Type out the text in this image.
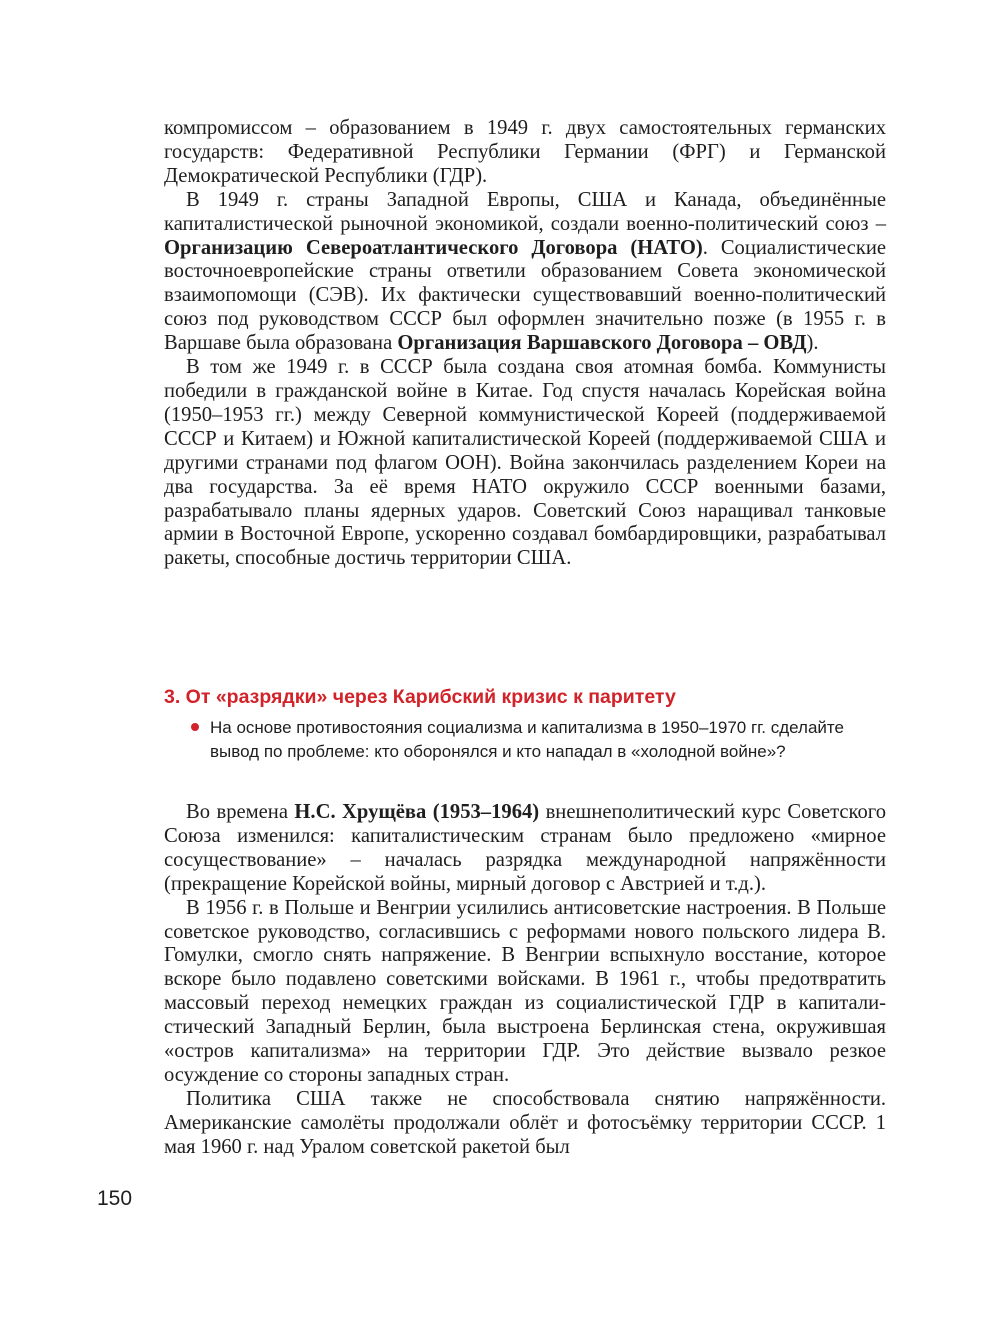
компромиссом – образованием в 1949 г. двух самостоятельных германских государств: Федеративной Республики Германии (ФРГ) и Германской Демократической Республики (ГДР).

В 1949 г. страны Западной Европы, США и Канада, объединённые капиталистической рыночной экономикой, создали военно-политический союз – Организацию Североатлантического Договора (НАТО). Социалистические восточноевропейские страны ответили образованием Совета экономической взаимопомощи (СЭВ). Их фактически существовавший военно-политический союз под руководством СССР был оформлен значительно позже (в 1955 г. в Варшаве была образована Организация Варшавского Договора – ОВД).

В том же 1949 г. в СССР была создана своя атомная бомба. Коммунисты победили в гражданской войне в Китае. Год спустя началась Корейская война (1950–1953 гг.) между Северной коммунистической Кореей (поддерживаемой СССР и Китаем) и Южной капиталистической Кореей (поддерживаемой США и другими странами под флагом ООН). Война закончилась разделением Кореи на два государства. За её время НАТО окружило СССР военными базами, разрабатывало планы ядерных ударов. Советский Союз наращивал танковые армии в Восточной Европе, ускоренно создавал бомбардировщики, разрабатывал ракеты, способные достичь территории США.

3. От «разрядки» через Карибский кризис к паритету
На основе противостояния социализма и капитализма в 1950–1970 гг. сделайте вывод по проблеме: кто оборонялся и кто нападал в «холодной войне»?

Во времена Н.С. Хрущёва (1953–1964) внешнеполитический курс Советского Союза изменился: капиталистическим странам было предложено «мирное сосуществование» – началась разрядка международной напряжённости (прекращение Корейской войны, мирный договор с Австрией и т.д.).

В 1956 г. в Польше и Венгрии усилились антисоветские настроения. В Польше советское руководство, согласившись с реформами нового польского лидера В. Гомулки, смогло снять напряжение. В Венгрии вспыхнуло восстание, которое вскоре было подавлено советскими войсками. В 1961 г., чтобы предотвратить массовый переход немецких граждан из социалистической ГДР в капиталистический Западный Берлин, была выстроена Берлинская стена, окружившая «остров капитализма» на территории ГДР. Это действие вызвало резкое осуждение со стороны западных стран.

Политика США также не способствовала снятию напряжённости. Американские самолёты продолжали облёт и фотосъёмку территории СССР. 1 мая 1960 г. над Уралом советской ракетой был

150
